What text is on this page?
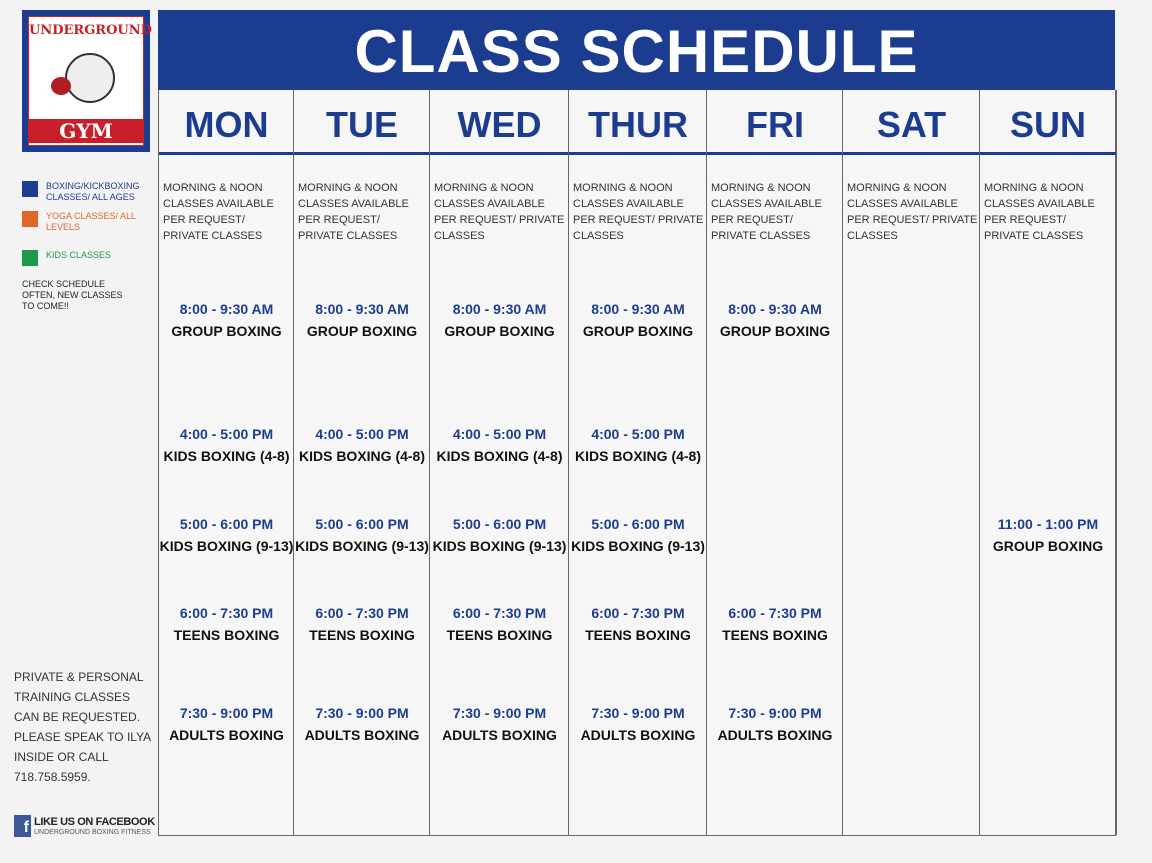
UNDERGROUND
GYM
CLASS SCHEDULE
BOXING/KICKBOXING CLASSES/ ALL AGES
YOGA CLASSES/ ALL LEVELS
KIDS CLASSES
CHECK SCHEDULE OFTEN, NEW CLASSES TO COME!!
PRIVATE & PERSONAL TRAINING CLASSES CAN BE REQUESTED. PLEASE SPEAK TO ILYA INSIDE OR CALL 718.758.5959.
MON
MORNING & NOON CLASSES AVAILABLE PER REQUEST/ PRIVATE CLASSES
8:00 - 9:30 AM
GROUP BOXING
4:00 - 5:00 PM
KIDS BOXING (4-8)
5:00 - 6:00 PM
KIDS BOXING (9-13)
6:00 - 7:30 PM
TEENS BOXING
7:30 - 9:00 PM
ADULTS BOXING
TUE
MORNING & NOON CLASSES AVAILABLE PER REQUEST/ PRIVATE CLASSES
8:00 - 9:30 AM
GROUP BOXING
4:00 - 5:00 PM
KIDS BOXING (4-8)
5:00 - 6:00 PM
KIDS BOXING (9-13)
6:00 - 7:30 PM
TEENS BOXING
7:30 - 9:00 PM
ADULTS BOXING
WED
MORNING & NOON CLASSES AVAILABLE PER REQUEST/ PRIVATE CLASSES
8:00 - 9:30 AM
GROUP BOXING
4:00 - 5:00 PM
KIDS BOXING (4-8)
5:00 - 6:00 PM
KIDS BOXING (9-13)
6:00 - 7:30 PM
TEENS BOXING
7:30 - 9:00 PM
ADULTS BOXING
THUR
MORNING & NOON CLASSES AVAILABLE PER REQUEST/ PRIVATE CLASSES
8:00 - 9:30 AM
GROUP BOXING
4:00 - 5:00 PM
KIDS BOXING (4-8)
5:00 - 6:00 PM
KIDS BOXING (9-13)
6:00 - 7:30 PM
TEENS BOXING
7:30 - 9:00 PM
ADULTS BOXING
FRI
MORNING & NOON CLASSES AVAILABLE PER REQUEST/ PRIVATE CLASSES
8:00 - 9:30 AM
GROUP BOXING
6:00 - 7:30 PM
TEENS BOXING
7:30 - 9:00 PM
ADULTS BOXING
SAT
MORNING & NOON CLASSES AVAILABLE PER REQUEST/ PRIVATE CLASSES
SUN
MORNING & NOON CLASSES AVAILABLE PER REQUEST/ PRIVATE CLASSES
11:00 - 1:00 PM
GROUP BOXING
f LIKE US ON FACEBOOK
UNDERGROUND BOXING FITNESS
